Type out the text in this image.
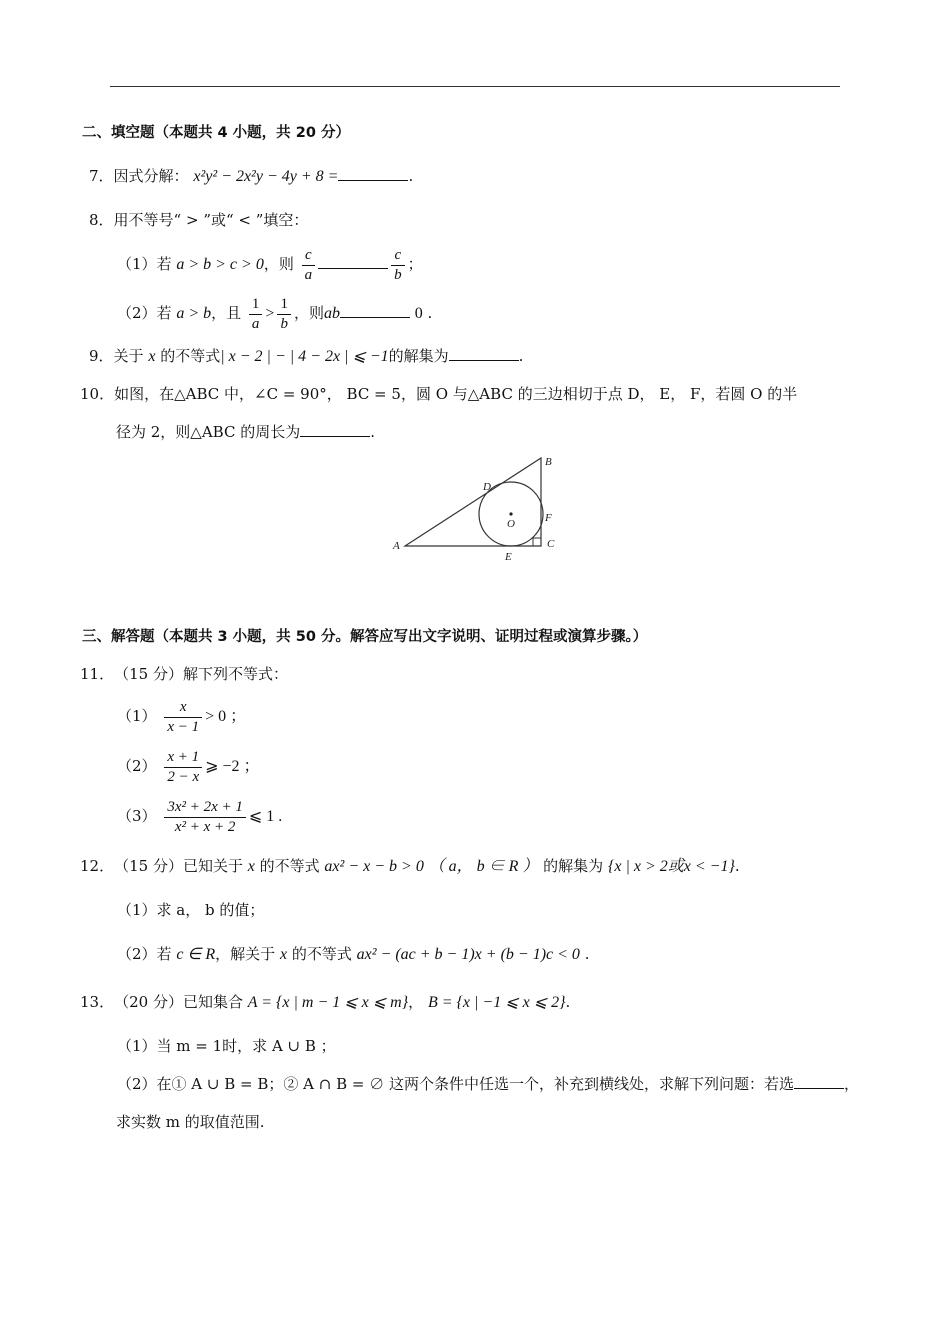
二、填空题（本题共 4 小题，共 20 分）
7．因式分解： x²y² − 2x²y − 4y + 8 =	.
8．用不等号“ > ”或“ < ”填空：
（1）若 a > b > c > 0，则 $\frac{c}{a}$	$\frac{c}{b}$ ；
（2）若 a > b，且 $\frac{1}{a} > \frac{1}{b}$ ，则ab	0 .
9．关于 x 的不等式| x − 2 | − | 4 − 2x | ⩽ −1的解集为	.
10．如图，在△ABC 中，∠C = 90°， BC = 5，圆 O 与△ABC 的三边相切于点 D， E， F，若圆 O 的半
径为 2，则△ABC 的周长为	.
A
B
C
D
E
F
O
三、解答题（本题共 3 小题，共 50 分。解答应写出文字说明、证明过程或演算步骤。）
11．（15 分）解下列不等式：
$(1) \frac{x}{x - 1} > 0$ ；
$(2) \frac{x + 1}{2 - x}$ ⩾ −2 ；
$(3) \frac{\text{3x² + 2x + 1}}{\text{x² + x + 2}}$ ⩽ 1 .
12．（15 分）已知关于 x 的不等式 ax² − x − b > 0 （ a， b ∈ R ） 的解集为 {x | x > 2或x < −1}.
（1）求 a， b 的值；
（2）若 c ∈ R，解关于 x 的不等式 ax² − (ac + b − 1)x + (b − 1)c < 0 .
13．（20 分）已知集合 A = {x | m − 1 ⩽ x ⩽ m}， B = {x | −1 ⩽ x ⩽ 2}.
（1）当 m = 1时，求 A ∪ B ；
（2）在① A ∪ B = B；② A ∩ B = ∅ 这两个条件中任选一个，补充到横线处，求解下列问题：若选	，
求实数 m 的取值范围.
